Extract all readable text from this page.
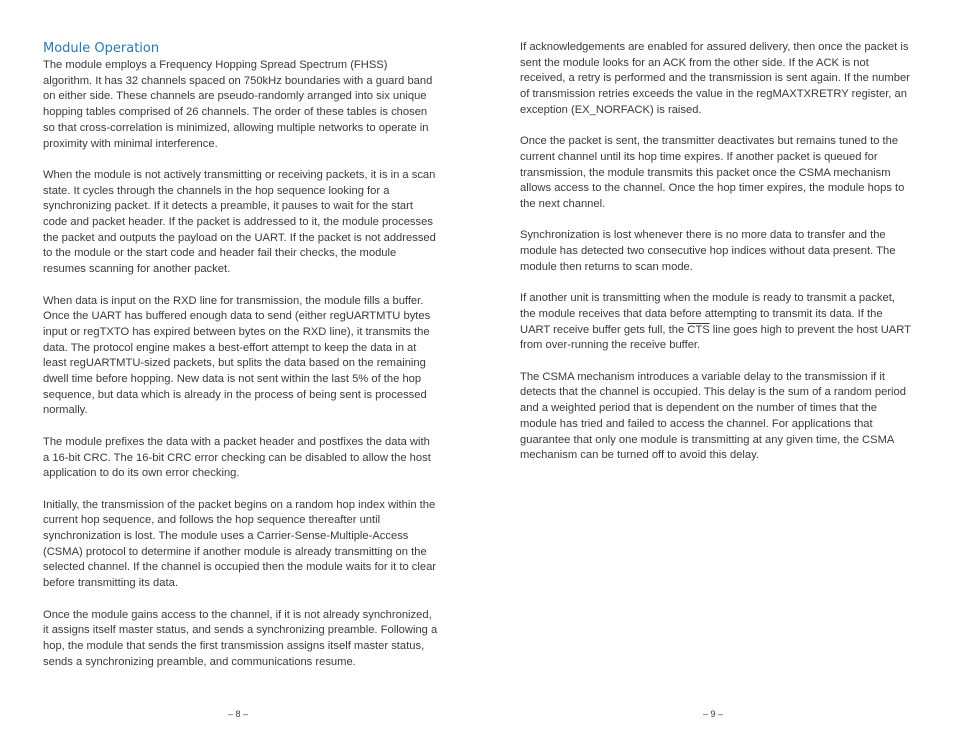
Module Operation

The module employs a Frequency Hopping Spread Spectrum (FHSS) algorithm. It has 32 channels spaced on 750kHz boundaries with a guard band on either side. These channels are pseudo-randomly arranged into six unique hopping tables comprised of 26 channels. The order of these tables is chosen so that cross-correlation is minimized, allowing multiple networks to operate in proximity with minimal interference.

When the module is not actively transmitting or receiving packets, it is in a scan state. It cycles through the channels in the hop sequence looking for a synchronizing packet. If it detects a preamble, it pauses to wait for the start code and packet header. If the packet is addressed to it, the module processes the packet and outputs the payload on the UART. If the packet is not addressed to the module or the start code and header fail their checks, the module resumes scanning for another packet.

When data is input on the RXD line for transmission, the module fills a buffer. Once the UART has buffered enough data to send (either regUARTMTU bytes input or regTXTO has expired between bytes on the RXD line), it transmits the data. The protocol engine makes a best-effort attempt to keep the data in at least regUARTMTU-sized packets, but splits the data based on the remaining dwell time before hopping. New data is not sent within the last 5% of the hop sequence, but data which is already in the process of being sent is processed normally.

The module prefixes the data with a packet header and postfixes the data with a 16-bit CRC. The 16-bit CRC error checking can be disabled to allow the host application to do its own error checking.

Initially, the transmission of the packet begins on a random hop index within the current hop sequence, and follows the hop sequence thereafter until synchronization is lost. The module uses a Carrier-Sense-Multiple-Access (CSMA) protocol to determine if another module is already transmitting on the selected channel. If the channel is occupied then the module waits for it to clear before transmitting its data.

Once the module gains access to the channel, if it is not already synchronized, it assigns itself master status, and sends a synchronizing preamble. Following a hop, the module that sends the first transmission assigns itself master status, sends a synchronizing preamble, and communications resume.

– 8 –

If acknowledgements are enabled for assured delivery, then once the packet is sent the module looks for an ACK from the other side. If the ACK is not received, a retry is performed and the transmission is sent again. If the number of transmission retries exceeds the value in the regMAXTXRETRY register, an exception (EX_NORFACK) is raised.

Once the packet is sent, the transmitter deactivates but remains tuned to the current channel until its hop time expires. If another packet is queued for transmission, the module transmits this packet once the CSMA mechanism allows access to the channel. Once the hop timer expires, the module hops to the next channel.

Synchronization is lost whenever there is no more data to transfer and the module has detected two consecutive hop indices without data present. The module then returns to scan mode.

If another unit is transmitting when the module is ready to transmit a packet, the module receives that data before attempting to transmit its data. If the UART receive buffer gets full, the $\overline{CTS}$ line goes high to prevent the host UART from over-running the receive buffer.

The CSMA mechanism introduces a variable delay to the transmission if it detects that the channel is occupied. This delay is the sum of a random period and a weighted period that is dependent on the number of times that the module has tried and failed to access the channel. For applications that guarantee that only one module is transmitting at any given time, the CSMA mechanism can be turned off to avoid this delay.

– 9 –
